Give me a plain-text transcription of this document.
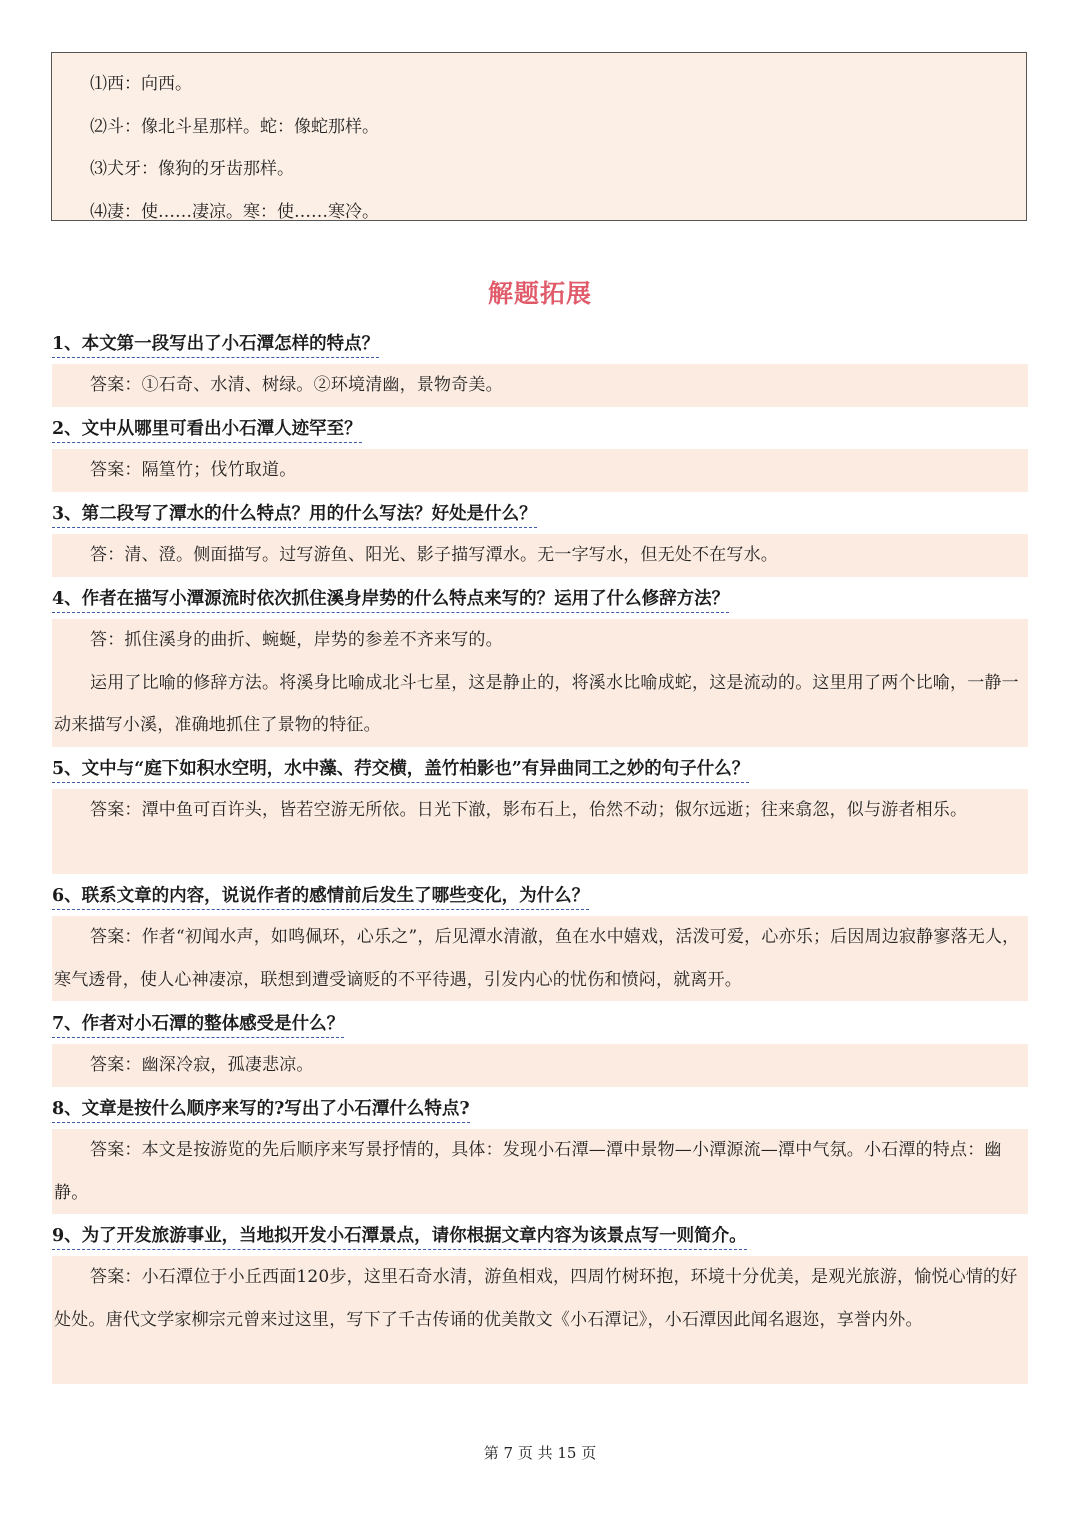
⑴西：向西。
⑵斗：像北斗星那样。蛇：像蛇那样。
⑶犬牙：像狗的牙齿那样。
⑷凄：使……凄凉。寒：使……寒冷。
解题拓展
1、本文第一段写出了小石潭怎样的特点？
答案：①石奇、水清、树绿。②环境清幽，景物奇美。
2、文中从哪里可看出小石潭人迹罕至？
答案：隔篁竹；伐竹取道。
3、第二段写了潭水的什么特点？用的什么写法？好处是什么？
答：清、澄。侧面描写。过写游鱼、阳光、影子描写潭水。无一字写水，但无处不在写水。
4、作者在描写小潭源流时依次抓住溪身岸势的什么特点来写的？运用了什么修辞方法？
答：抓住溪身的曲折、蜿蜒，岸势的参差不齐来写的。
运用了比喻的修辞方法。将溪身比喻成北斗七星，这是静止的，将溪水比喻成蛇，这是流动的。这里用了两个比喻，一静一动来描写小溪，准确地抓住了景物的特征。
5、文中与“庭下如积水空明，水中藻、荇交横，盖竹柏影也”有异曲同工之妙的句子什么？
答案：潭中鱼可百许头，皆若空游无所依。日光下澈，影布石上，佁然不动；俶尔远逝；往来翕忽，似与游者相乐。
6、联系文章的内容，说说作者的感情前后发生了哪些变化，为什么？
答案：作者“初闻水声，如鸣佩环，心乐之”，后见潭水清澈，鱼在水中嬉戏，活泼可爱，心亦乐；后因周边寂静寥落无人，寒气透骨，使人心神凄凉，联想到遭受谪贬的不平待遇，引发内心的忧伤和愤闷，就离开。
7、作者对小石潭的整体感受是什么？
答案：幽深冷寂，孤凄悲凉。
8、文章是按什么顺序来写的?写出了小石潭什么特点?
答案：本文是按游览的先后顺序来写景抒情的，具体：发现小石潭—潭中景物—小潭源流—潭中气氛。小石潭的特点：幽静。
9、为了开发旅游事业，当地拟开发小石潭景点，请你根据文章内容为该景点写一则简介。
答案：小石潭位于小丘西面120步，这里石奇水清，游鱼相戏，四周竹树环抱，环境十分优美，是观光旅游，愉悦心情的好处处。唐代文学家柳宗元曾来过这里，写下了千古传诵的优美散文《小石潭记》，小石潭因此闻名遐迩，享誉内外。
第 7 页 共 15 页
